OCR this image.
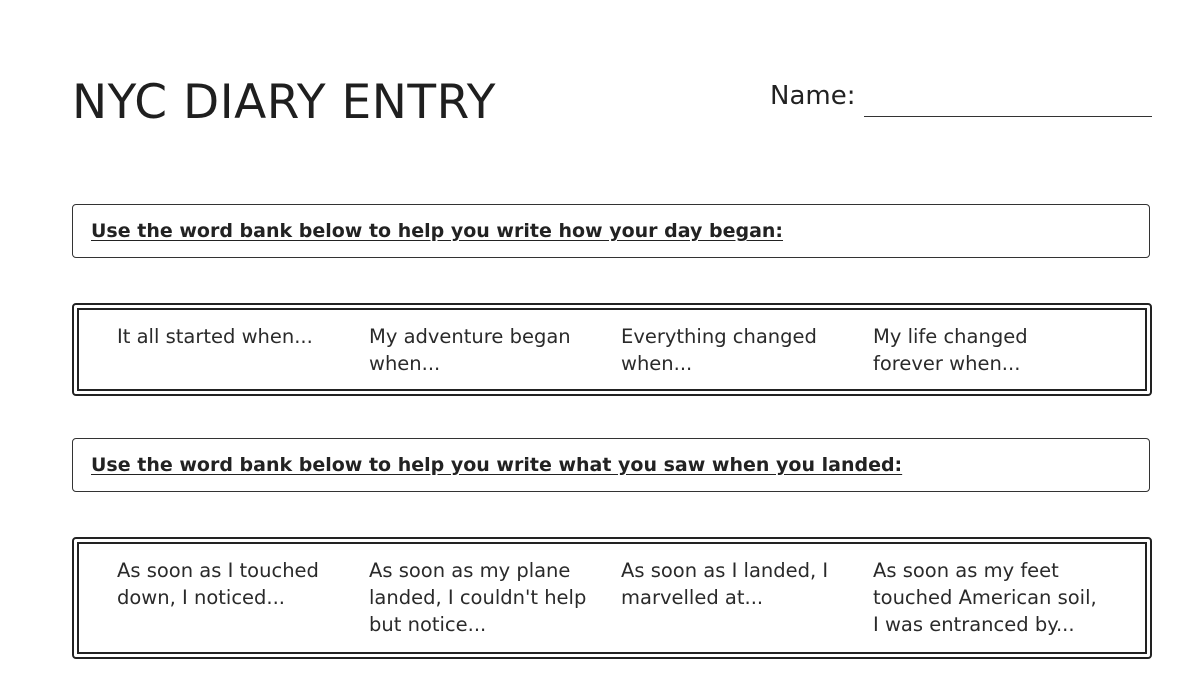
NYC DIARY ENTRY	Name:
Use the word bank below to help you write how your day began:
It all started when...	My adventure began when...
Everything changed when...
My life changed forever when...
Use the word bank below to help you write what you saw when you landed:
As soon as I touched down, I noticed...
As soon as my plane landed, I couldn't help but notice...
As soon as I landed, I marvelled at...
As soon as my feet touched American soil, I was entranced by...
